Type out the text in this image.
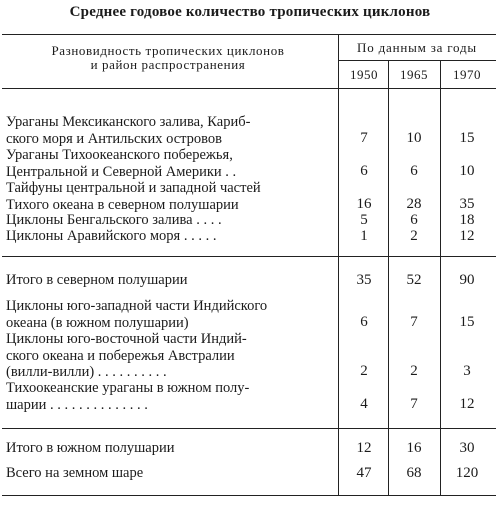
Среднее годовое количество тропических циклонов
Разновидность тропических циклонов
и район распространения
По данным за годы
1950	1965	1970
Ураганы Мексиканского залива, Кариб-
ского моря и Антильских островов	7	10	15
Ураганы Тихоокеанского побережья,
Центральной и Северной Америки . .	6	6	10
Тайфуны центральной и западной частей
Тихого океана в северном полушарии	16	28	35
Циклоны Бенгальского залива . . . .	5	6	18
Циклоны Аравийского моря . . . . .	1	2	12
Итого в северном полушарии	35	52	90
Циклоны юго-западной части Индийского
океана (в южном полушарии)	6	7	15
Циклоны юго-восточной части Индий-
ского океана и побережья Австралии
(вилли-вилли) . . . . . . . . . .	2	2	3
Тихоокеанские ураганы в южном полу-
шарии . . . . . . . . . . . . . .	4	7	12
Итого в южном полушарии	12	16	30
Всего на земном шаре	47	68	120
